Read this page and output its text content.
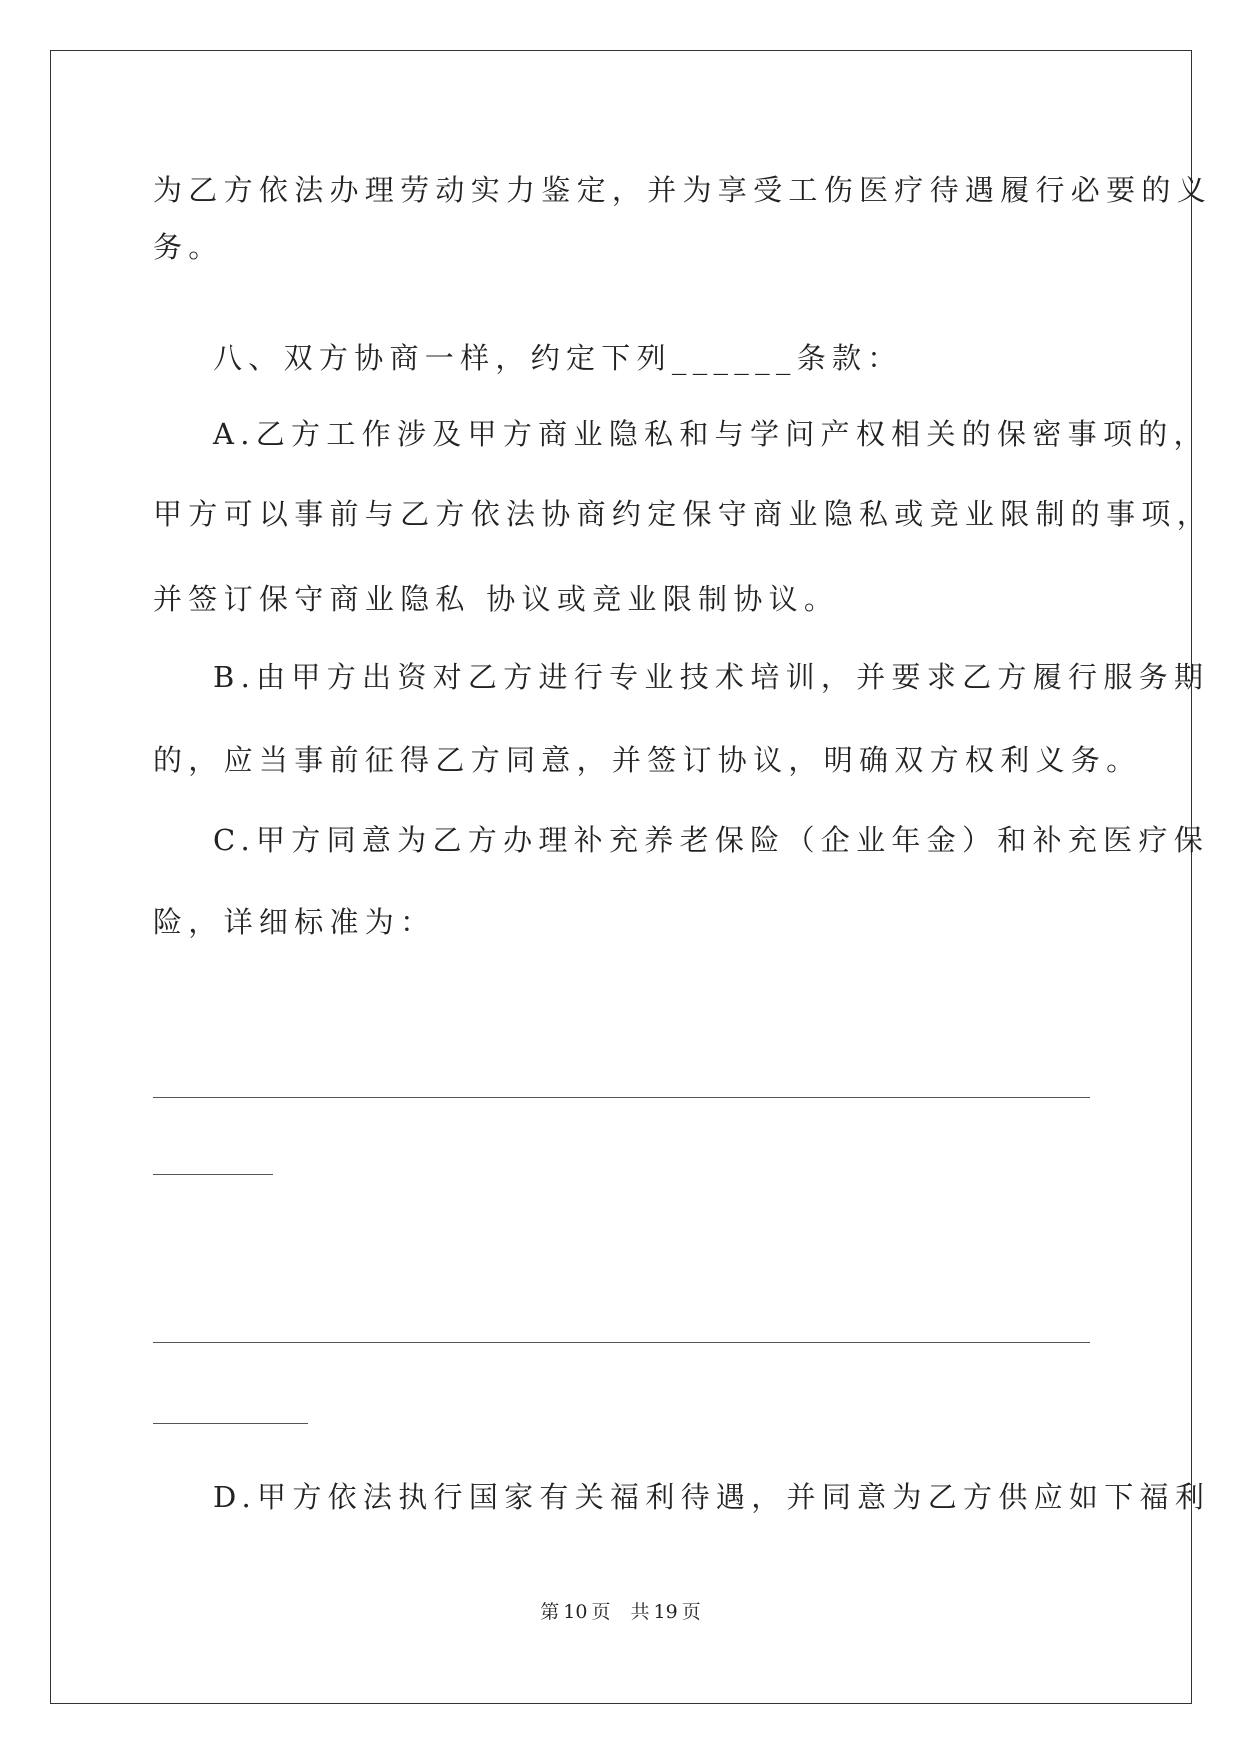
为乙方依法办理劳动实力鉴定，并为享受工伤医疗待遇履行必要的义
务。
八、双方协商一样，约定下列______条款：
A.乙方工作涉及甲方商业隐私和与学问产权相关的保密事项的，
甲方可以事前与乙方依法协商约定保守商业隐私或竞业限制的事项，
并签订保守商业隐私 协议或竞业限制协议。
B.由甲方出资对乙方进行专业技术培训，并要求乙方履行服务期
的，应当事前征得乙方同意，并签订协议，明确双方权利义务。
C.甲方同意为乙方办理补充养老保险（企业年金）和补充医疗保
险，详细标准为：
D.甲方依法执行国家有关福利待遇，并同意为乙方供应如下福利
第 10 页 共 19 页
